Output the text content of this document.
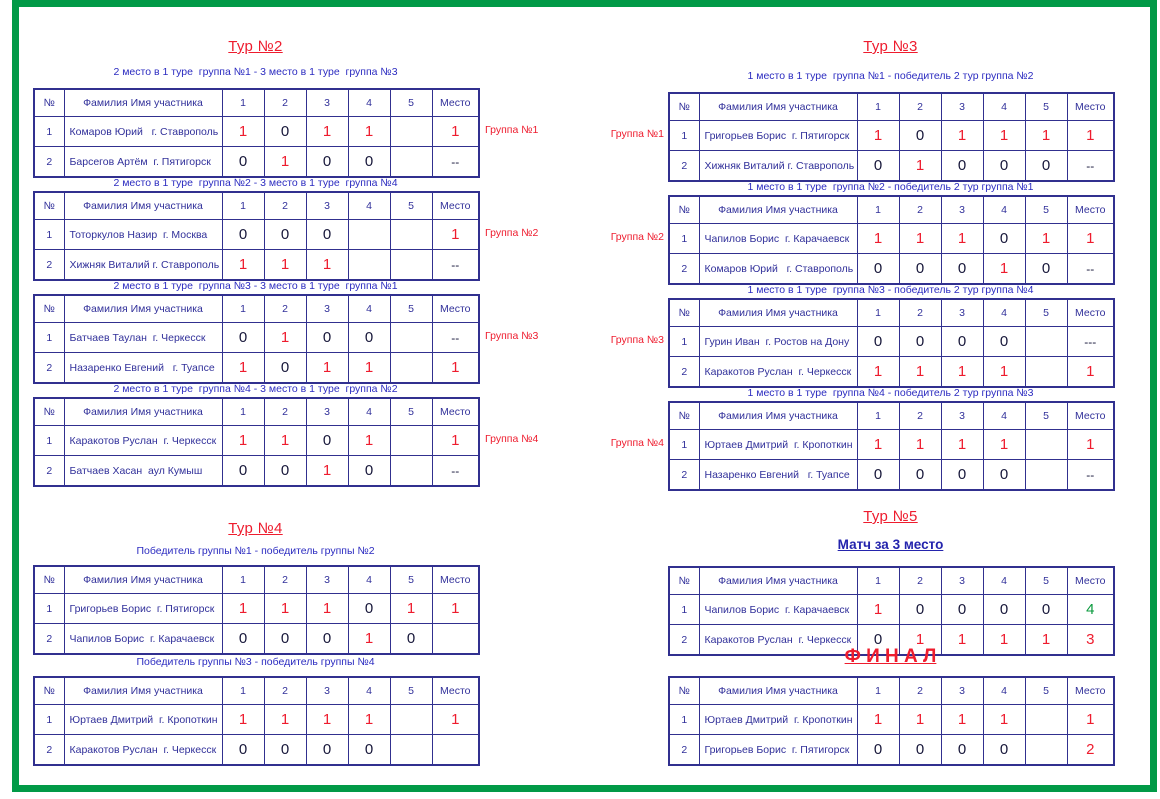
Тур №2
2 место в 1 туре  группа №1 - 3 место в 1 туре  группа №3
№	Фамилия Имя участника	1	2	3	4	5	Место
1	Комаров Юрий   г. Ставрополь	1	0	1	1		1
2	Барсегов Артём  г. Пятигорск	0	1	0	0		--
Группа №1
2 место в 1 туре  группа №2 - 3 место в 1 туре  группа №4
№	Фамилия Имя участника	1	2	3	4	5	Место
1	Тоторкулов Назир  г. Москва	0	0	0			1
2	Хижняк Виталий г. Ставрополь	1	1	1			--
Группа №2
2 место в 1 туре  группа №3 - 3 место в 1 туре  группа №1
№	Фамилия Имя участника	1	2	3	4	5	Место
1	Батчаев Таулан  г. Черкесск	0	1	0	0		--
2	Назаренко Евгений   г. Туапсе	1	0	1	1		1
Группа №3
2 место в 1 туре  группа №4 - 3 место в 1 туре  группа №2
№	Фамилия Имя участника	1	2	3	4	5	Место
1	Каракотов Руслан  г. Черкесск	1	1	0	1		1
2	Батчаев Хасан  аул Кумыш	0	0	1	0		--
Группа №4
Тур №4
Победитель группы №1 - победитель группы №2
№	Фамилия Имя участника	1	2	3	4	5	Место
1	Григорьев Борис  г. Пятигорск	1	1	1	0	1	1
2	Чапилов Борис  г. Карачаевск	0	0	0	1	0	
Победитель группы №3 - победитель группы №4
№	Фамилия Имя участника	1	2	3	4	5	Место
1	Юртаев Дмитрий  г. Кропоткин	1	1	1	1		1
2	Каракотов Руслан  г. Черкесск	0	0	0	0		
Тур №3
1 место в 1 туре  группа №1 - победитель 2 тур группа №2
№	Фамилия Имя участника	1	2	3	4	5	Место
1	Григорьев Борис  г. Пятигорск	1	0	1	1	1	1
2	Хижняк Виталий г. Ставрополь	0	1	0	0	0	--
Группа №1
1 место в 1 туре  группа №2 - победитель 2 тур группа №1
№	Фамилия Имя участника	1	2	3	4	5	Место
1	Чапилов Борис  г. Карачаевск	1	1	1	0	1	1
2	Комаров Юрий   г. Ставрополь	0	0	0	1	0	--
Группа №2
1 место в 1 туре  группа №3 - победитель 2 тур группа №4
№	Фамилия Имя участника	1	2	3	4	5	Место
1	Гурин Иван  г. Ростов на Дону	0	0	0	0		---
2	Каракотов Руслан  г. Черкесск	1	1	1	1		1
Группа №3
1 место в 1 туре  группа №4 - победитель 2 тур группа №3
№	Фамилия Имя участника	1	2	3	4	5	Место
1	Юртаев Дмитрий  г. Кропоткин	1	1	1	1		1
2	Назаренко Евгений   г. Туапсе	0	0	0	0		--
Группа №4
Тур №5
Матч за 3 место
№	Фамилия Имя участника	1	2	3	4	5	Место
1	Чапилов Борис  г. Карачаевск	1	0	0	0	0	4
2	Каракотов Руслан  г. Черкесск	0	1	1	1	1	3
Ф И Н А Л
№	Фамилия Имя участника	1	2	3	4	5	Место
1	Юртаев Дмитрий  г. Кропоткин	1	1	1	1		1
2	Григорьев Борис  г. Пятигорск	0	0	0	0		2
